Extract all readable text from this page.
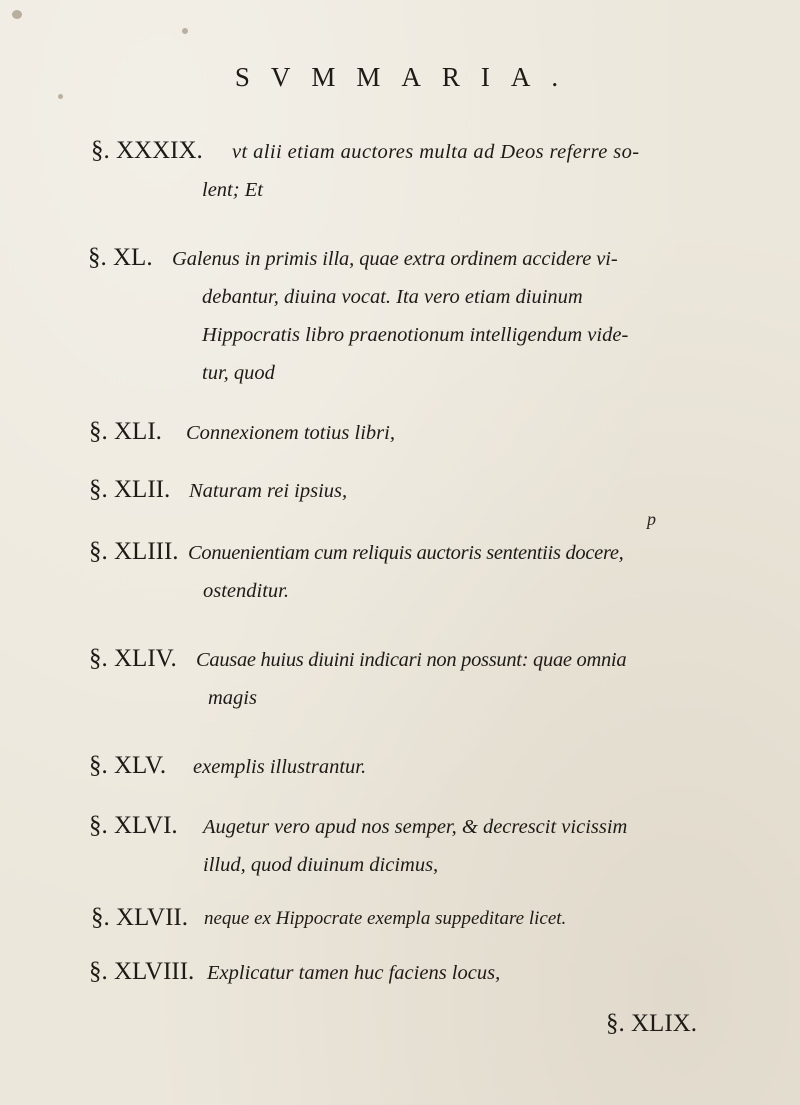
SVMMARIA.
§. XXXIX. vt alii etiam auctores multa ad Deos referre so-
lent; Et
§. XL. Galenus in primis illa, quae extra ordinem accidere vi-
debantur, diuina vocat. Ita vero etiam diuinum
Hippocratis libro praenotionum intelligendum vide-
tur, quod
§. XLI. Connexionem totius libri,
§. XLII. Naturam rei ipsius,
p
§. XLIII. Conuenientiam cum reliquis auctoris sententiis docere,
ostenditur.
§. XLIV. Causae huius diuini indicari non possunt: quae omnia
magis
§. XLV. exemplis illustrantur.
§. XLVI. Augetur vero apud nos semper, & decrescit vicissim
illud, quod diuinum dicimus,
§. XLVII. neque ex Hippocrate exempla suppeditare licet.
§. XLVIII. Explicatur tamen huc faciens locus,
§. XLIX.
